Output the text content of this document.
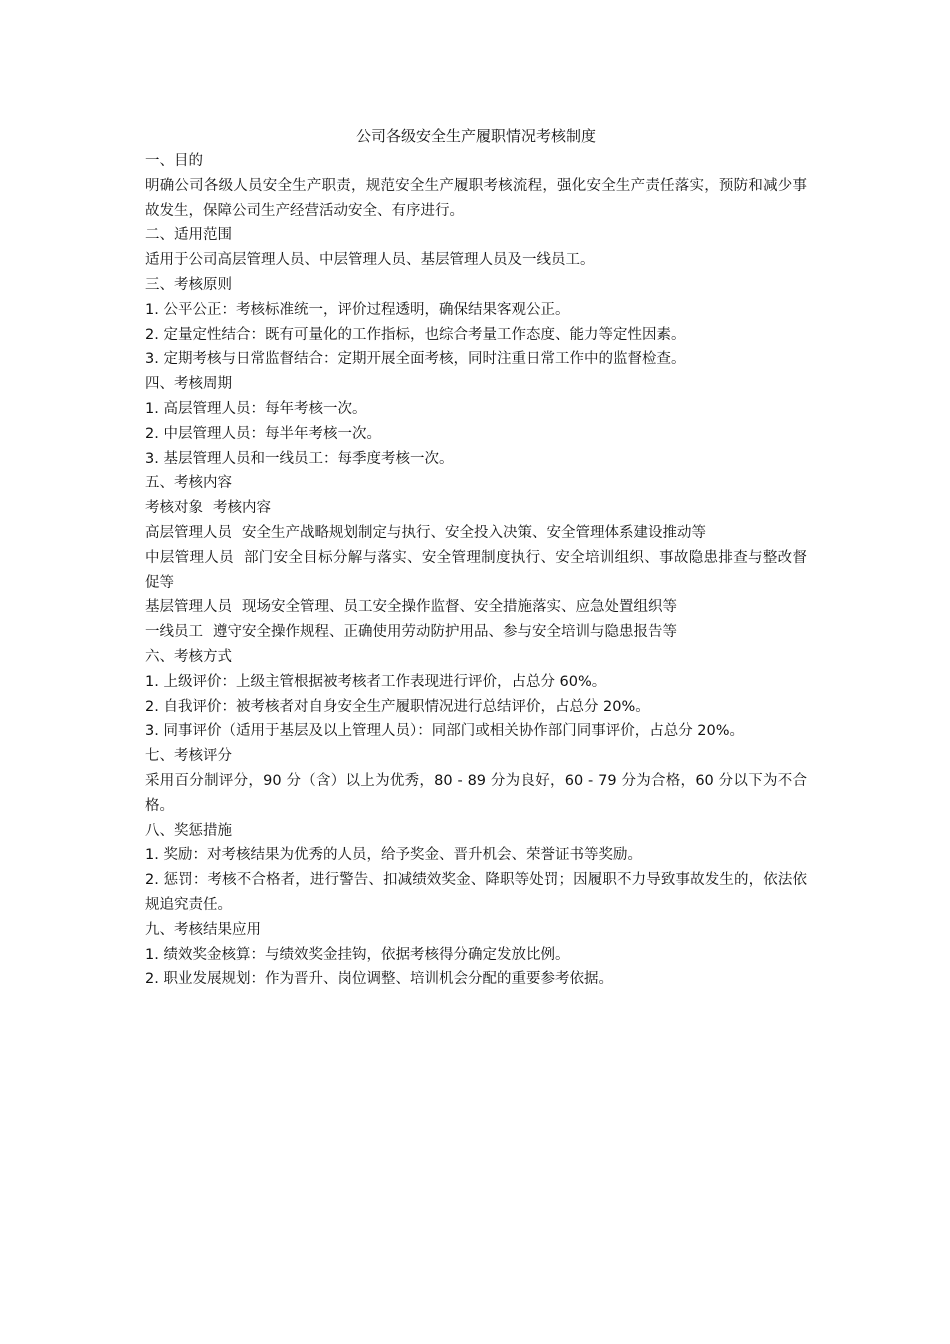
公司各级安全生产履职情况考核制度

一、目的

明确公司各级人员安全生产职责，规范安全生产履职考核流程，强化安全生产责任落实，预防和减少事故发生，保障公司生产经营活动安全、有序进行。

二、适用范围

适用于公司高层管理人员、中层管理人员、基层管理人员及一线员工。

三、考核原则

1. 公平公正：考核标准统一，评价过程透明，确保结果客观公正。

2. 定量定性结合：既有可量化的工作指标，也综合考量工作态度、能力等定性因素。

3. 定期考核与日常监督结合：定期开展全面考核，同时注重日常工作中的监督检查。

四、考核周期

1. 高层管理人员：每年考核一次。

2. 中层管理人员：每半年考核一次。

3. 基层管理人员和一线员工：每季度考核一次。

五、考核内容

考核对象 考核内容

高层管理人员 安全生产战略规划制定与执行、安全投入决策、安全管理体系建设推动等

中层管理人员 部门安全目标分解与落实、安全管理制度执行、安全培训组织、事故隐患排查与整改督促等

基层管理人员 现场安全管理、员工安全操作监督、安全措施落实、应急处置组织等

一线员工 遵守安全操作规程、正确使用劳动防护用品、参与安全培训与隐患报告等

六、考核方式

1. 上级评价：上级主管根据被考核者工作表现进行评价，占总分 60%。

2. 自我评价：被考核者对自身安全生产履职情况进行总结评价，占总分 20%。

3. 同事评价（适用于基层及以上管理人员）：同部门或相关协作部门同事评价，占总分 20%。

七、考核评分

采用百分制评分，90 分（含）以上为优秀，80 - 89 分为良好，60 - 79 分为合格，60 分以下为不合格。

八、奖惩措施

1. 奖励：对考核结果为优秀的人员，给予奖金、晋升机会、荣誉证书等奖励。

2. 惩罚：考核不合格者，进行警告、扣减绩效奖金、降职等处罚；因履职不力导致事故发生的，依法依规追究责任。

九、考核结果应用

1. 绩效奖金核算：与绩效奖金挂钩，依据考核得分确定发放比例。

2. 职业发展规划：作为晋升、岗位调整、培训机会分配的重要参考依据。
